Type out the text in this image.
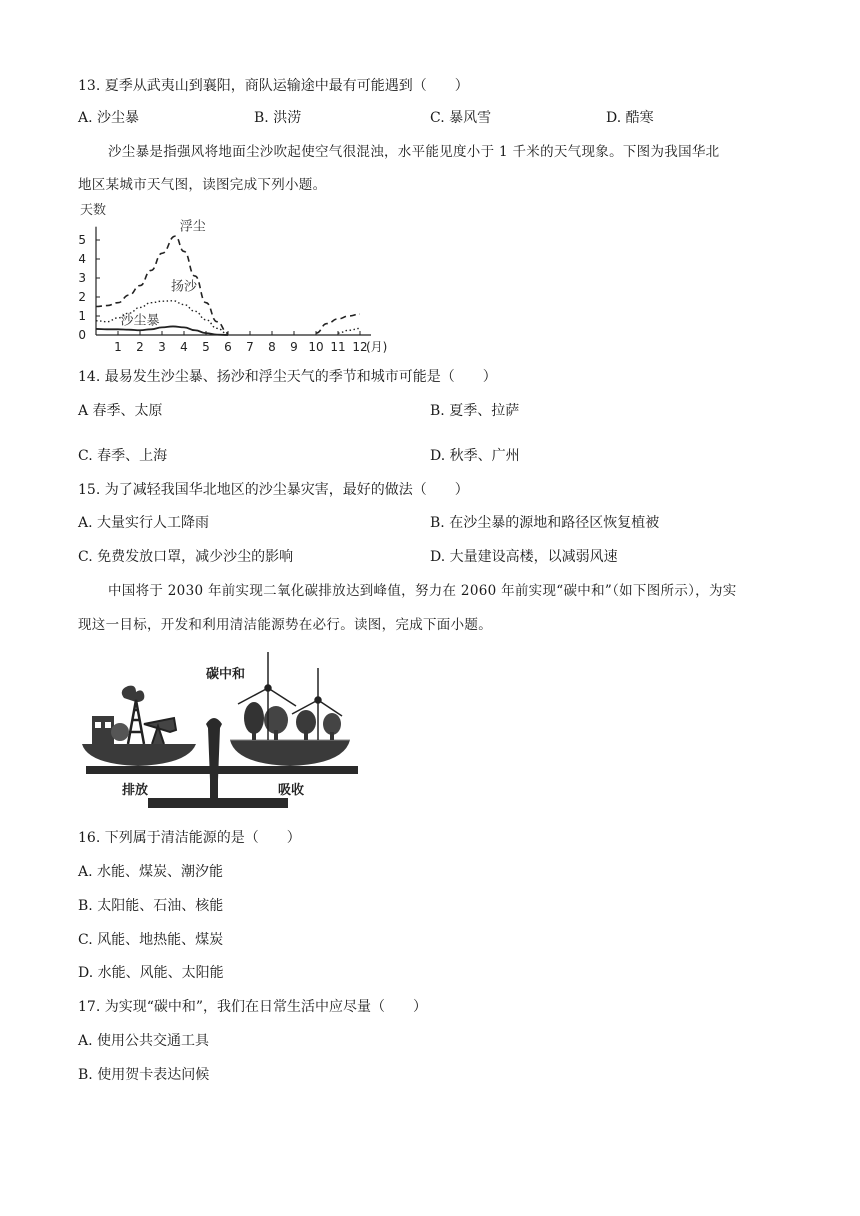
13. 夏季从武夷山到襄阳，商队运输途中最有可能遇到（　　）
A. 沙尘暴	B. 洪涝	C. 暴风雪	D. 酷寒
沙尘暴是指强风将地面尘沙吹起使空气很混浊，水平能见度小于 1 千米的天气现象。下图为我国华北
地区某城市天气图，读图完成下列小题。
0
1
2
3
4
5
1 2 3 4 5 6 7 8 9 10 11 12
天数
(月)
浮尘
扬沙
沙尘暴
14. 最易发生沙尘暴、扬沙和浮尘天气的季节和城市可能是（　　）
A 春季、太原	B. 夏季、拉萨
C. 春季、上海	D. 秋季、广州
15. 为了减轻我国华北地区的沙尘暴灾害，最好的做法（　　）
A. 大量实行人工降雨	B. 在沙尘暴的源地和路径区恢复植被
C. 免费发放口罩，减少沙尘的影响	D. 大量建设高楼，以减弱风速
中国将于 2030 年前实现二氧化碳排放达到峰值，努力在 2060 年前实现“碳中和”（如下图所示），为实
现这一目标，开发和利用清洁能源势在必行。读图，完成下面小题。
碳中和
排放	吸收
16. 下列属于清洁能源的是（　　）
A. 水能、煤炭、潮汐能
B. 太阳能、石油、核能
C. 风能、地热能、煤炭
D. 水能、风能、太阳能
17. 为实现“碳中和”，我们在日常生活中应尽量（　　）
A. 使用公共交通工具
B. 使用贺卡表达问候
